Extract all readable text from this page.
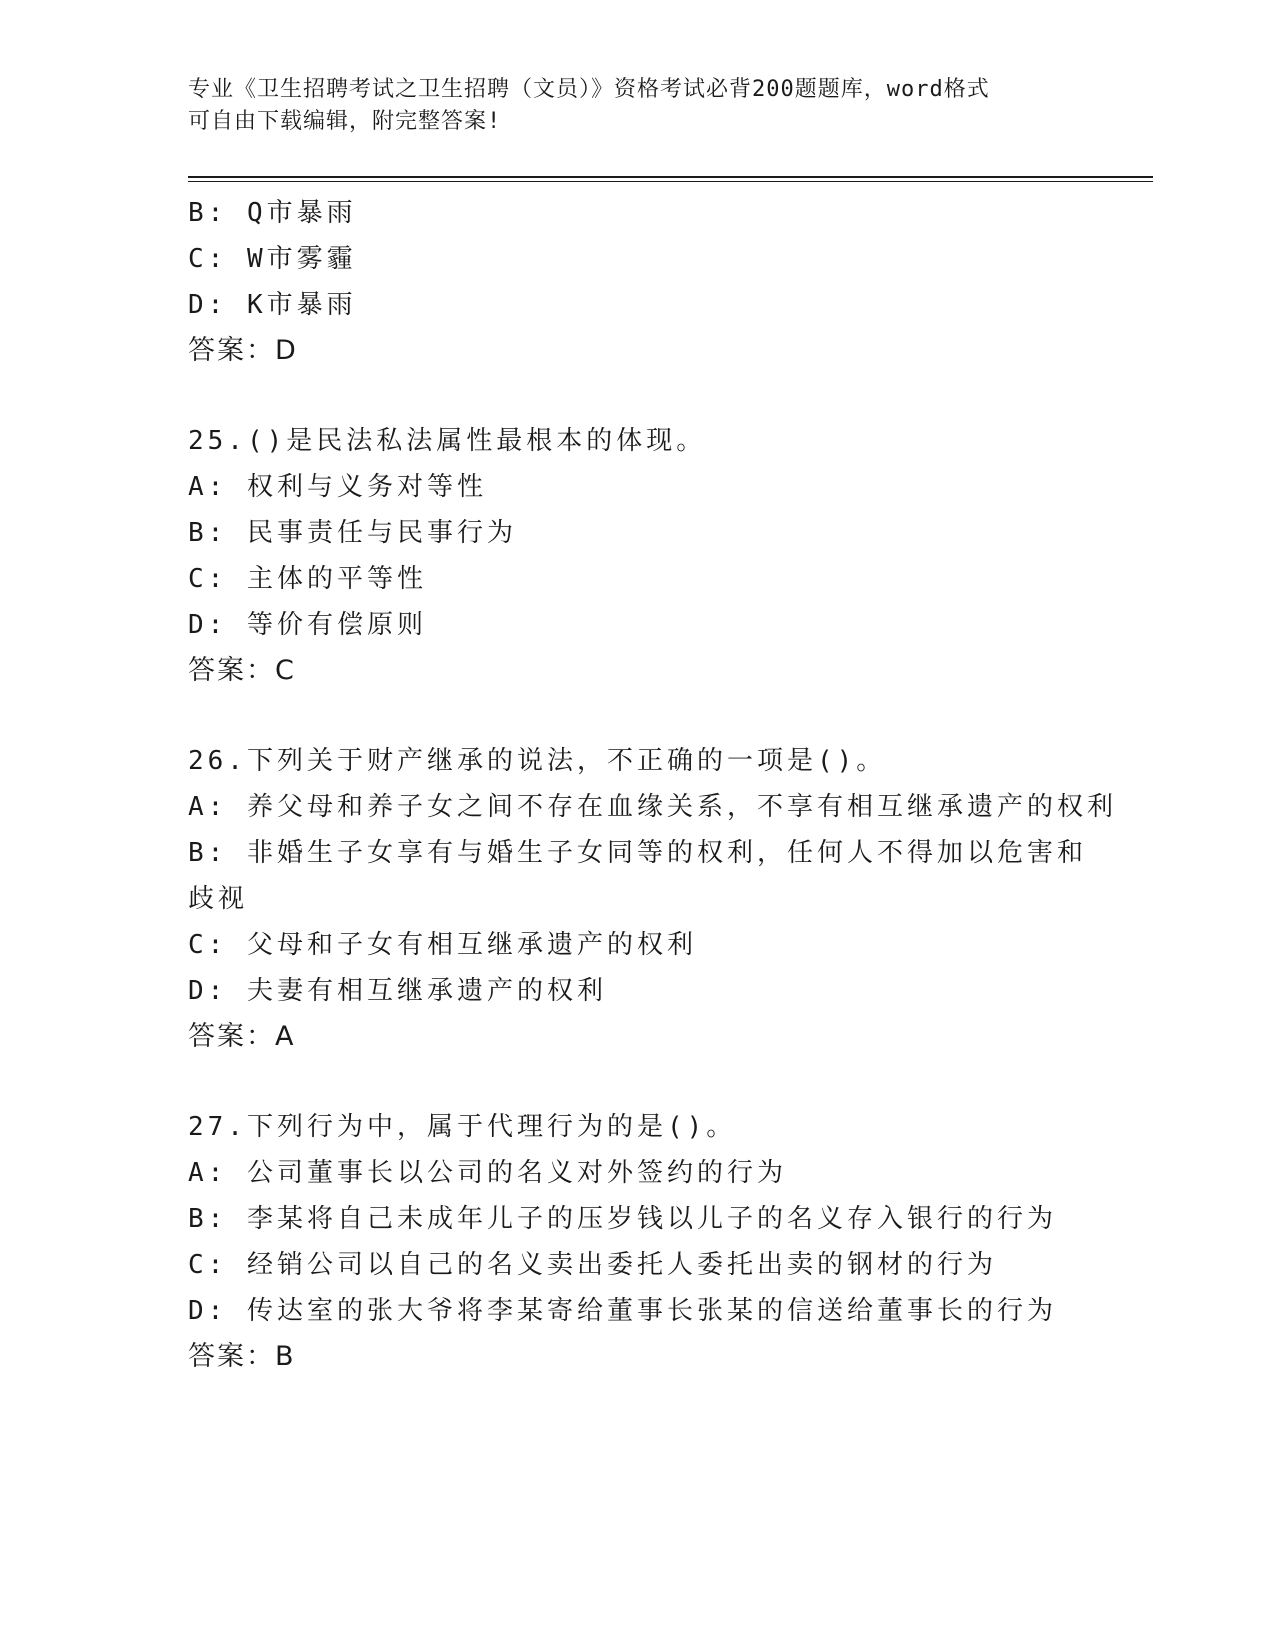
专业《卫生招聘考试之卫生招聘（文员）》资格考试必背200题题库，word格式
可自由下载编辑，附完整答案!
B: Q市暴雨
C: W市雾霾
D: K市暴雨
答案：D
25.()是民法私法属性最根本的体现。
A: 权利与义务对等性
B: 民事责任与民事行为
C: 主体的平等性
D: 等价有偿原则
答案：C
26.下列关于财产继承的说法，不正确的一项是()。
A: 养父母和养子女之间不存在血缘关系，不享有相互继承遗产的权利
B: 非婚生子女享有与婚生子女同等的权利，任何人不得加以危害和歧视
C: 父母和子女有相互继承遗产的权利
D: 夫妻有相互继承遗产的权利
答案：A
27.下列行为中，属于代理行为的是()。
A: 公司董事长以公司的名义对外签约的行为
B: 李某将自己未成年儿子的压岁钱以儿子的名义存入银行的行为
C: 经销公司以自己的名义卖出委托人委托出卖的钢材的行为
D: 传达室的张大爷将李某寄给董事长张某的信送给董事长的行为
答案：B
